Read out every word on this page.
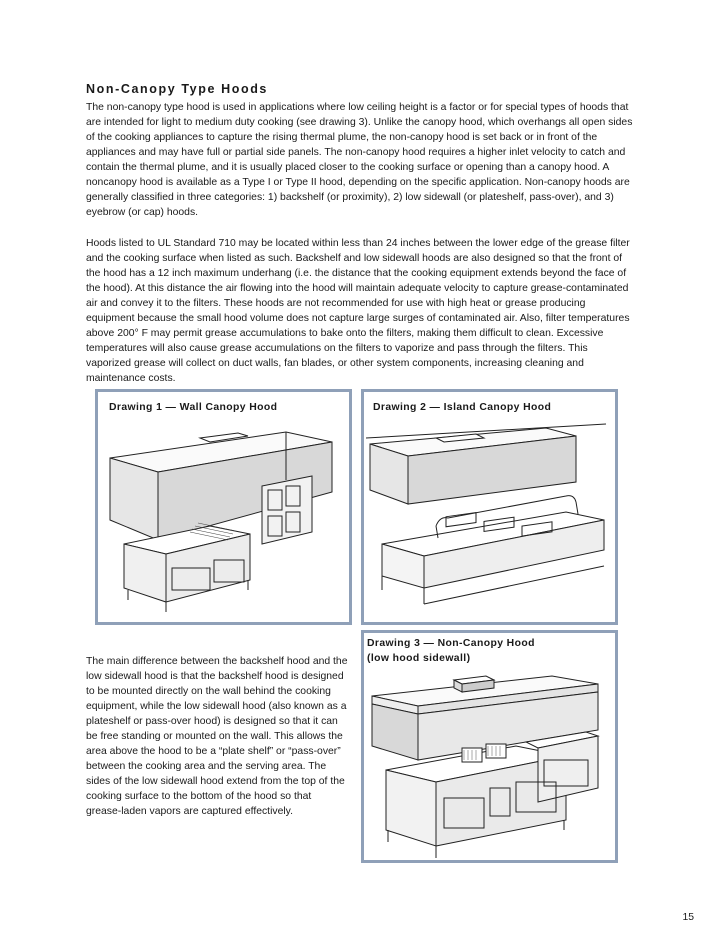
Non-Canopy Type Hoods

The non-canopy type hood is used in applications where low ceiling height is a factor or for special types of hoods that are intended for light to medium duty cooking (see drawing 3). Unlike the canopy hood, which overhangs all open sides of the cooking appliances to capture the rising thermal plume, the non-canopy hood is set back or in front of the appliances and may have full or partial side panels. The non-canopy hood requires a higher inlet velocity to catch and contain the thermal plume, and it is usually placed closer to the cooking surface or opening than a canopy hood. A noncanopy hood is available as a Type I or Type II hood, depending on the specific application. Non-canopy hoods are generally classified in three categories: 1) backshelf (or proximity), 2) low sidewall (or plateshelf, pass-over), and 3) eyebrow (or cap) hoods.

Hoods listed to UL Standard 710 may be located within less than 24 inches between the lower edge of the grease filter and the cooking surface when listed as such. Backshelf and low sidewall hoods are also designed so that the front of the hood has a 12 inch maximum underhang (i.e. the distance that the cooking equipment extends beyond the face of the hood). At this distance the air flowing into the hood will maintain adequate velocity to capture grease-contaminated air and convey it to the filters. These hoods are not recommended for use with high heat or grease producing equipment because the small hood volume does not capture large surges of contaminated air. Also, filter temperatures above 200° F may permit grease accumulations to bake onto the filters, making them difficult to clean. Excessive temperatures will also cause grease accumulations on the filters to vaporize and pass through the filters. This vaporized grease will collect on duct walls, fan blades, or other system components, increasing cleaning and maintenance costs.

Drawing 1 — Wall Canopy Hood	Drawing 2 — Island Canopy Hood
Drawing 3 — Non-Canopy Hood
(low hood sidewall)

The main difference between the backshelf hood and the low sidewall hood is that the backshelf hood is designed to be mounted directly on the wall behind the cooking equipment, while the low sidewall hood (also known as a plateshelf or pass-over hood) is designed so that it can be free standing or mounted on the wall. This allows the area above the hood to be a “plate shelf” or “pass-over” between the cooking area and the serving area. The sides of the low sidewall hood extend from the top of the cooking surface to the bottom of the hood so that grease-laden vapors are captured effectively.

15
